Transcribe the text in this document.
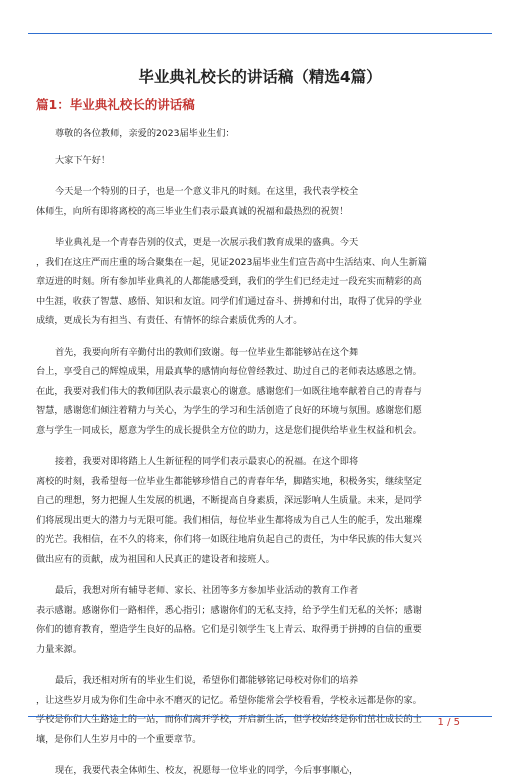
毕业典礼校长的讲话稿（精选4篇）
篇1：毕业典礼校长的讲话稿

尊敬的各位教师，亲爱的2023届毕业生们：

大家下午好！

今天是一个特别的日子，也是一个意义非凡的时刻。在这里，我代表学校全
体师生，向所有即将离校的高三毕业生们表示最真诚的祝福和最热烈的祝贺！

毕业典礼是一个青春告别的仪式，更是一次展示我们教育成果的盛典。今天
，我们在这庄严而庄重的场合聚集在一起，见证2023届毕业生们宣告高中生活结束、向人生新篇
章迈进的时刻。所有参加毕业典礼的人都能感受到，我们的学生们已经走过一段充实而精彩的高
中生涯，收获了智慧、感悟、知识和友谊。同学们们通过奋斗、拼搏和付出，取得了优异的学业
成绩，更成长为有担当、有责任、有情怀的综合素质优秀的人才。

首先，我要向所有辛勤付出的教师们致谢。每一位毕业生都能够站在这个舞
台上，享受自己的辉煌成果，用最真挚的感情向每位曾经教过、助过自己的老师表达感恩之情。
在此，我要对我们伟大的教师团队表示最衷心的谢意。感谢您们一如既往地奉献着自己的青春与
智慧，感谢您们倾注着精力与关心，为学生的学习和生活创造了良好的环境与氛围。感谢您们愿
意与学生一同成长，愿意为学生的成长提供全方位的助力，这是您们提供给毕业生权益和机会。

接着，我要对即将踏上人生新征程的同学们表示最衷心的祝福。在这个即将
离校的时刻，我希望每一位毕业生都能够珍惜自己的青春年华，脚踏实地，积极务实，继续坚定
自己的理想，努力把握人生发展的机遇，不断提高自身素质，深远影响人生质量。未来，是同学
们将展现出更大的潜力与无限可能。我们相信，每位毕业生都将成为自己人生的舵手，发出璀璨
的光芒。我相信，在不久的将来，你们将一如既往地肩负起自己的责任，为中华民族的伟大复兴
做出应有的贡献，成为祖国和人民真正的建设者和接班人。

最后，我想对所有辅导老师、家长、社团等多方参加毕业活动的教育工作者
表示感谢。感谢你们一路相伴，悉心指引；感谢你们的无私支持，给予学生们无私的关怀；感谢
你们的德育教育，塑造学生良好的品格。它们是引领学生飞上青云、取得勇于拼搏的自信的重要
力量来源。

最后，我还相对所有的毕业生们说，希望你们都能够铭记母校对你们的培养
，让这些岁月成为你们生命中永不磨灭的记忆。希望你能常会学校看看，学校永远都是你的家。
学校是你们人生路途上的一站，而你们离开学校，开启新生活，但学校始终是你们茁壮成长的土
壤，是你们人生岁月中的一个重要章节。

现在，我要代表全体师生、校友，祝愿每一位毕业的同学，今后事事顺心，

1 / 5
